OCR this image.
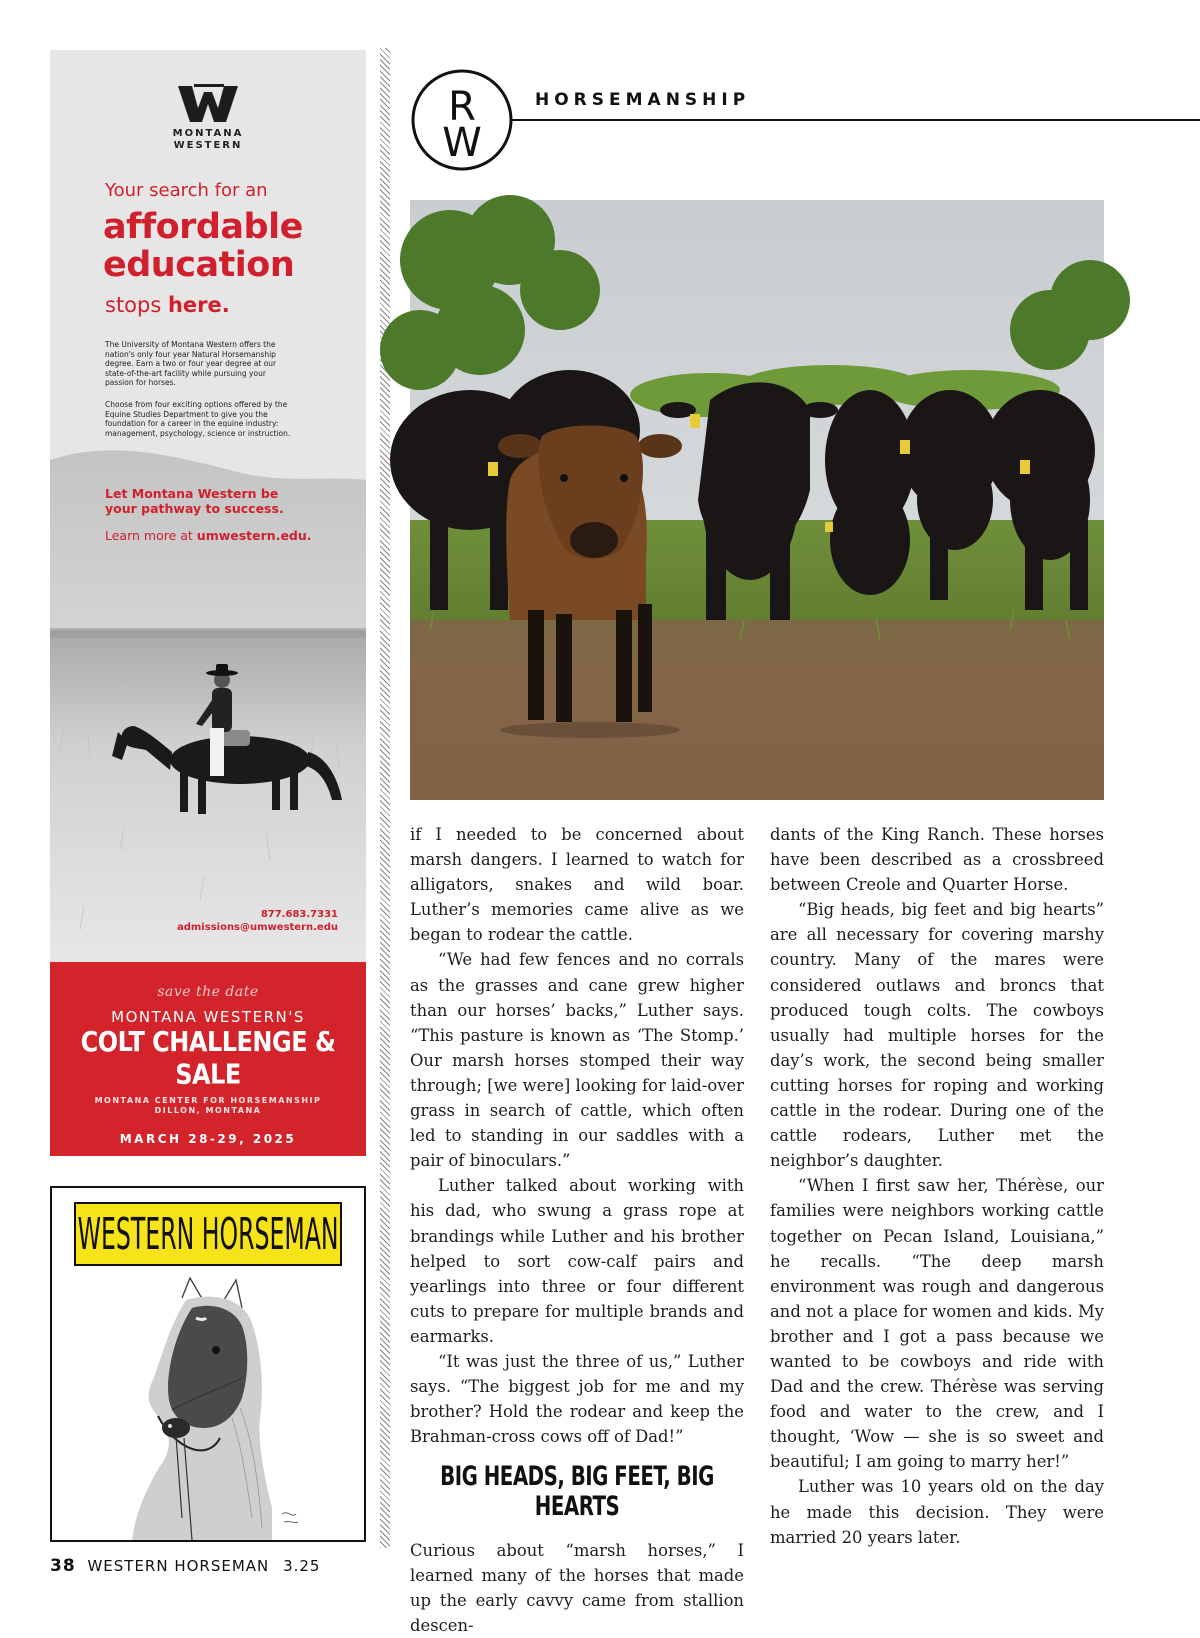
MONTANA
WESTERN
Your search for an
affordable
education
stops here.
The University of Montana Western offers the nation's only four year Natural Horsemanship degree. Earn a two or four year degree at our state-of-the-art facility while pursuing your passion for horses.
Choose from four exciting options offered by the Equine Studies Department to give you the foundation for a career in the equine industry: management, psychology, science or instruction.
Let Montana Western be your pathway to success.
Learn more at umwestern.edu.
877.683.7331
admissions@umwestern.edu
save the date
MONTANA WESTERN'S
COLT CHALLENGE & SALE
MONTANA CENTER FOR HORSEMANSHIP
DILLON, MONTANA
MARCH 28-29, 2025
WESTERN HORSEMAN
R
W
HORSEMANSHIP

if I needed to be concerned about marsh dangers. I learned to watch for alligators, snakes and wild boar. Luther’s memories came alive as we began to rodear the cattle.

“We had few fences and no corrals as the grasses and cane grew higher than our horses’ backs,” Luther says. “This pasture is known as ‘The Stomp.’ Our marsh horses stomped their way through; [we were] looking for laid-over grass in search of cattle, which often led to standing in our saddles with a pair of binoculars.”

Luther talked about working with his dad, who swung a grass rope at brandings while Luther and his brother helped to sort cow-calf pairs and yearlings into three or four different cuts to prepare for multiple brands and earmarks.

“It was just the three of us,” Luther says. “The biggest job for me and my brother? Hold the rodear and keep the Brahman-cross cows off of Dad!”

BIG HEADS, BIG FEET, BIG HEARTS

Curious about “marsh horses,” I learned many of the horses that made up the early cavvy came from stallion descen-

dants of the King Ranch. These horses have been described as a crossbreed between Creole and Quarter Horse.

“Big heads, big feet and big hearts” are all necessary for covering marshy country. Many of the mares were considered outlaws and broncs that produced tough colts. The cowboys usually had multiple horses for the day’s work, the second being smaller cutting horses for roping and working cattle in the rodear. During one of the cattle rodears, Luther met the neighbor’s daughter.

“When I first saw her, Thérèse, our families were neighbors working cattle together on Pecan Island, Louisiana,” he recalls. “The deep marsh environment was rough and dangerous and not a place for women and kids. My brother and I got a pass because we wanted to be cowboys and ride with Dad and the crew. Thérèse was serving food and water to the crew, and I thought, ‘Wow — she is so sweet and beautiful; I am going to marry her!”

Luther was 10 years old on the day he made this decision. They were married 20 years later.

38 WESTERN HORSEMAN 3.25
